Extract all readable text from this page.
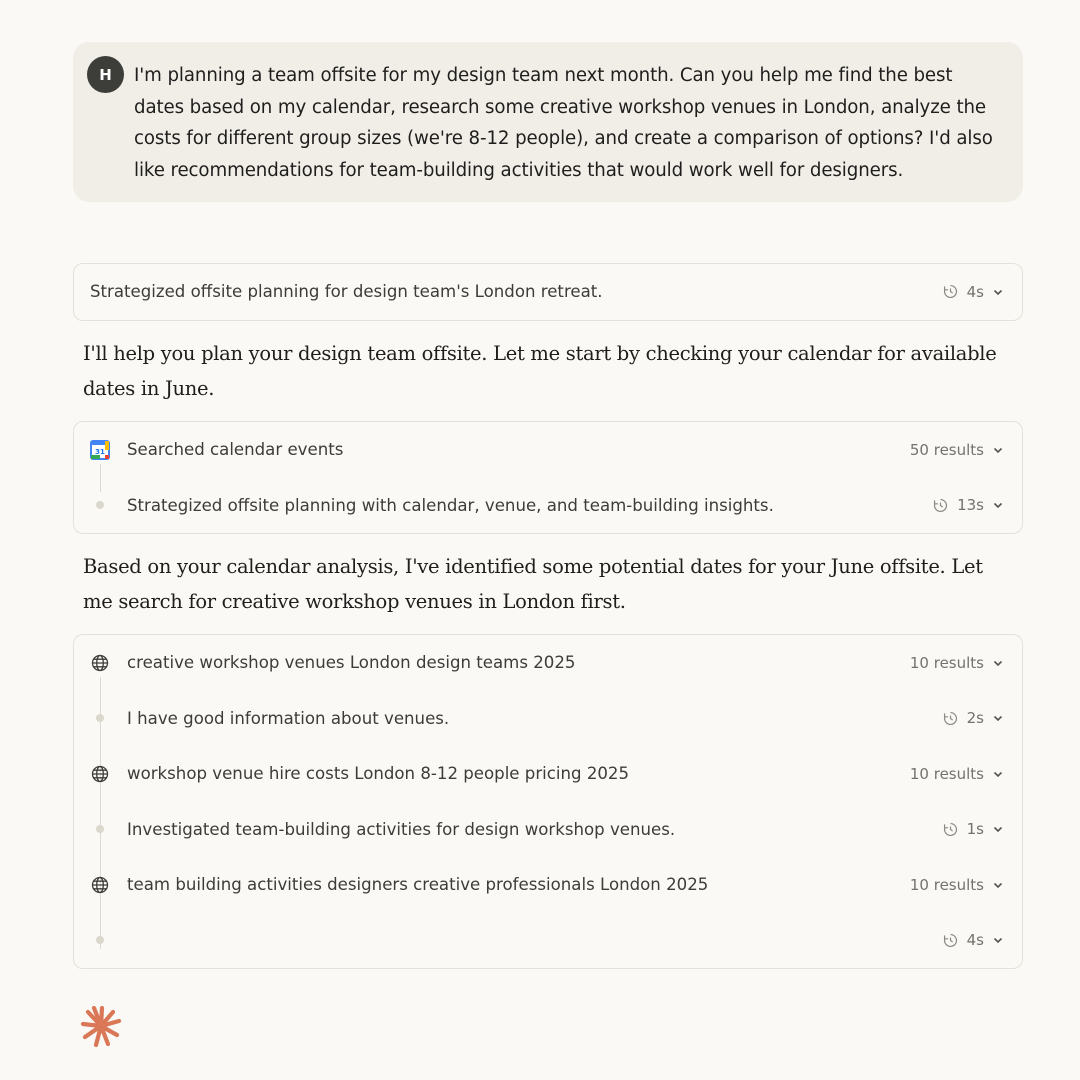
H	I'm planning a team offsite for my design team next month. Can you help me find the best dates based on my calendar, research some creative workshop venues in London, analyze the costs for different group sizes (we're 8-12 people), and create a comparison of options? I'd also like recommendations for team-building activities that would work well for designers.
Strategized offsite planning for design team's London retreat.	4s
I'll help you plan your design team offsite. Let me start by checking your calendar for available dates in June.
31 Searched calendar events	50 results
Strategized offsite planning with calendar, venue, and team-building insights.	13s
Based on your calendar analysis, I've identified some potential dates for your June offsite. Let me search for creative workshop venues in London first.
creative workshop venues London design teams 2025	10 results
I have good information about venues.	2s
workshop venue hire costs London 8-12 people pricing 2025	10 results
Investigated team-building activities for design workshop venues.	1s
team building activities designers creative professionals London 2025	10 results
4s
